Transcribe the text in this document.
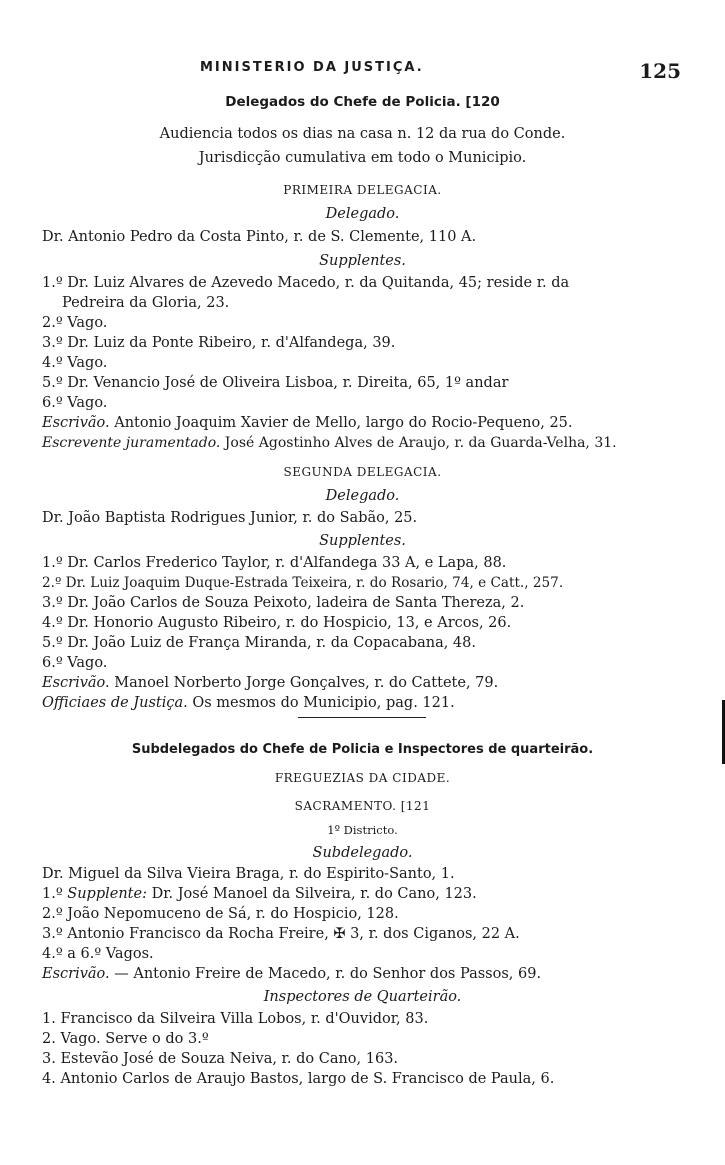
MINISTERIO DA JUSTIÇA.	125
Delegados do Chefe de Policia. [120
Audiencia todos os dias na casa n. 12 da rua do Conde.
Jurisdicção cumulativa em todo o Municipio.
PRIMEIRA DELEGACIA.
Delegado.
Dr. Antonio Pedro da Costa Pinto, r. de S. Clemente, 110 A.
Supplentes.
1.º Dr. Luiz Alvares de Azevedo Macedo, r. da Quitanda, 45; reside r. da
Pedreira da Gloria, 23.
2.º Vago.
3.º Dr. Luiz da Ponte Ribeiro, r. d'Alfandega, 39.
4.º Vago.
5.º Dr. Venancio José de Oliveira Lisboa, r. Direita, 65, 1º andar
6.º Vago.
Escrivão. Antonio Joaquim Xavier de Mello, largo do Rocio-Pequeno, 25.
Escrevente juramentado. José Agostinho Alves de Araujo, r. da Guarda-Velha, 31.
SEGUNDA DELEGACIA.
Delegado.
Dr. João Baptista Rodrigues Junior, r. do Sabão, 25.
Supplentes.
1.º Dr. Carlos Frederico Taylor, r. d'Alfandega 33 A, e Lapa, 88.
2.º Dr. Luiz Joaquim Duque-Estrada Teixeira, r. do Rosario, 74, e Catt., 257.
3.º Dr. João Carlos de Souza Peixoto, ladeira de Santa Thereza, 2.
4.º Dr. Honorio Augusto Ribeiro, r. do Hospicio, 13, e Arcos, 26.
5.º Dr. João Luiz de França Miranda, r. da Copacabana, 48.
6.º Vago.
Escrivão. Manoel Norberto Jorge Gonçalves, r. do Cattete, 79.
Officiaes de Justiça. Os mesmos do Municipio, pag. 121.
Subdelegados do Chefe de Policia e Inspectores de quarteirão.
FREGUEZIAS DA CIDADE.
SACRAMENTO. [121
1º Districto.
Subdelegado.
Dr. Miguel da Silva Vieira Braga, r. do Espirito-Santo, 1.
1.º Supplente: Dr. José Manoel da Silveira, r. do Cano, 123.
2.º João Nepomuceno de Sá, r. do Hospicio, 128.
3.º Antonio Francisco da Rocha Freire, ✠ 3, r. dos Ciganos, 22 A.
4.º a 6.º Vagos.
Escrivão. — Antonio Freire de Macedo, r. do Senhor dos Passos, 69.
Inspectores de Quarteirão.
1. Francisco da Silveira Villa Lobos, r. d'Ouvidor, 83.
2. Vago. Serve o do 3.º
3. Estevão José de Souza Neiva, r. do Cano, 163.
4. Antonio Carlos de Araujo Bastos, largo de S. Francisco de Paula, 6.
